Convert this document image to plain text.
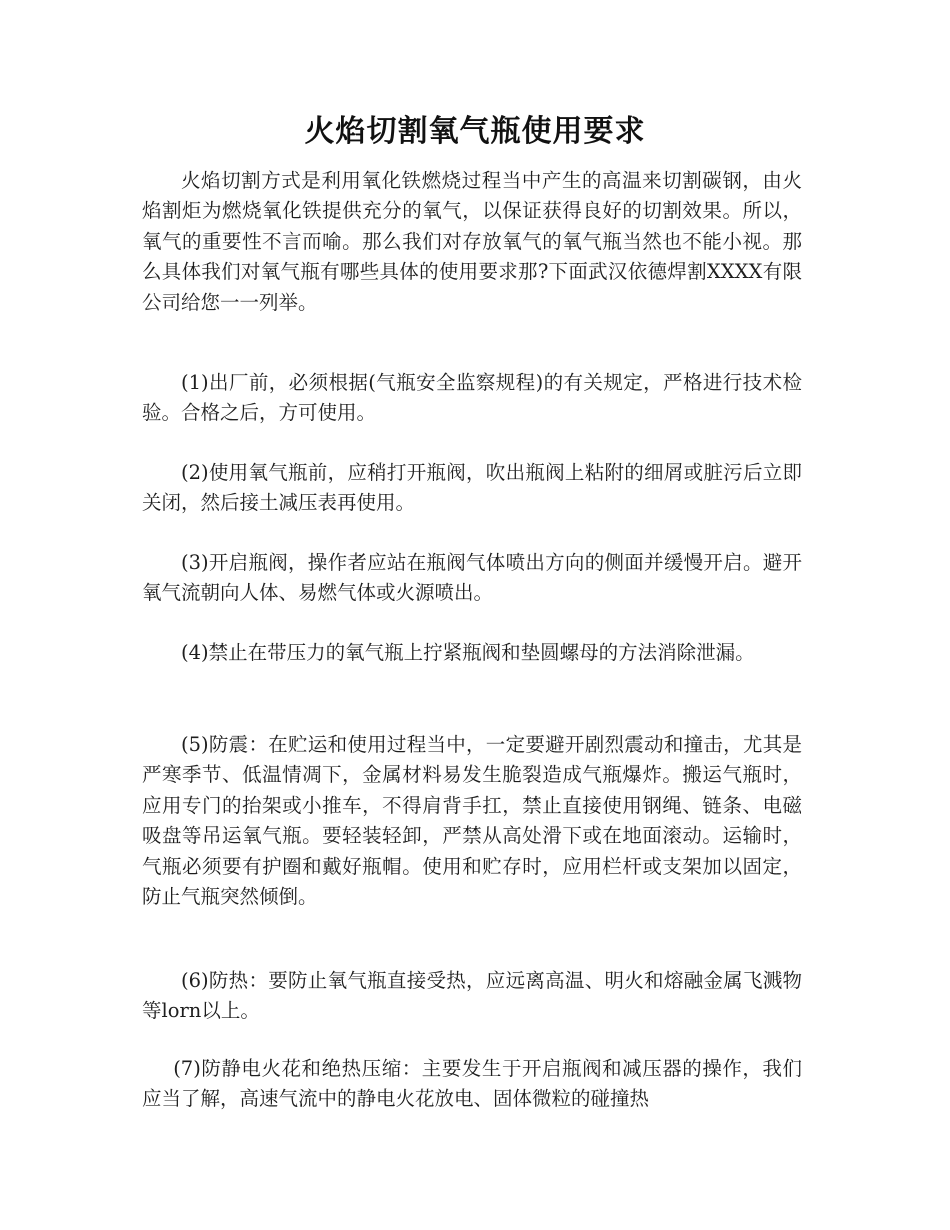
火焰切割氧气瓶使用要求

火焰切割方式是利用氧化铁燃烧过程当中产生的高温来切割碳钢，由火焰割炬为燃烧氧化铁提供充分的氧气，以保证获得良好的切割效果。所以，氧气的重要性不言而喻。那么我们对存放氧气的氧气瓶当然也不能小视。那么具体我们对氧气瓶有哪些具体的使用要求那?下面武汉依德焊割XXXX有限公司给您一一列举。

(1)出厂前，必须根据(气瓶安全监察规程)的有关规定，严格进行技术检验。合格之后，方可使用。

(2)使用氧气瓶前，应稍打开瓶阀，吹出瓶阀上粘附的细屑或脏污后立即关闭，然后接土减压表再使用。

(3)开启瓶阀，操作者应站在瓶阀气体喷出方向的侧面并缓慢开启。避开氧气流朝向人体、易燃气体或火源喷出。

(4)禁止在带压力的氧气瓶上拧紧瓶阀和垫圆螺母的方法消除泄漏。

(5)防震：在贮运和使用过程当中，一定要避开剧烈震动和撞击，尤其是严寒季节、低温情凋下，金属材料易发生脆裂造成气瓶爆炸。搬运气瓶时，应用专门的抬架或小推车，不得肩背手扛，禁止直接使用钢绳、链条、电磁吸盘等吊运氧气瓶。要轻装轻卸，严禁从高处滑下或在地面滚动。运输时，气瓶必须要有护圈和戴好瓶帽。使用和贮存时，应用栏杆或支架加以固定，防止气瓶突然倾倒。

(6)防热：要防止氧气瓶直接受热，应远离高温、明火和熔融金属飞溅物等lorn以上。

(7)防静电火花和绝热压缩：主要发生于开启瓶阀和减压器的操作，我们应当了解，高速气流中的静电火花放电、固体微粒的碰撞热
